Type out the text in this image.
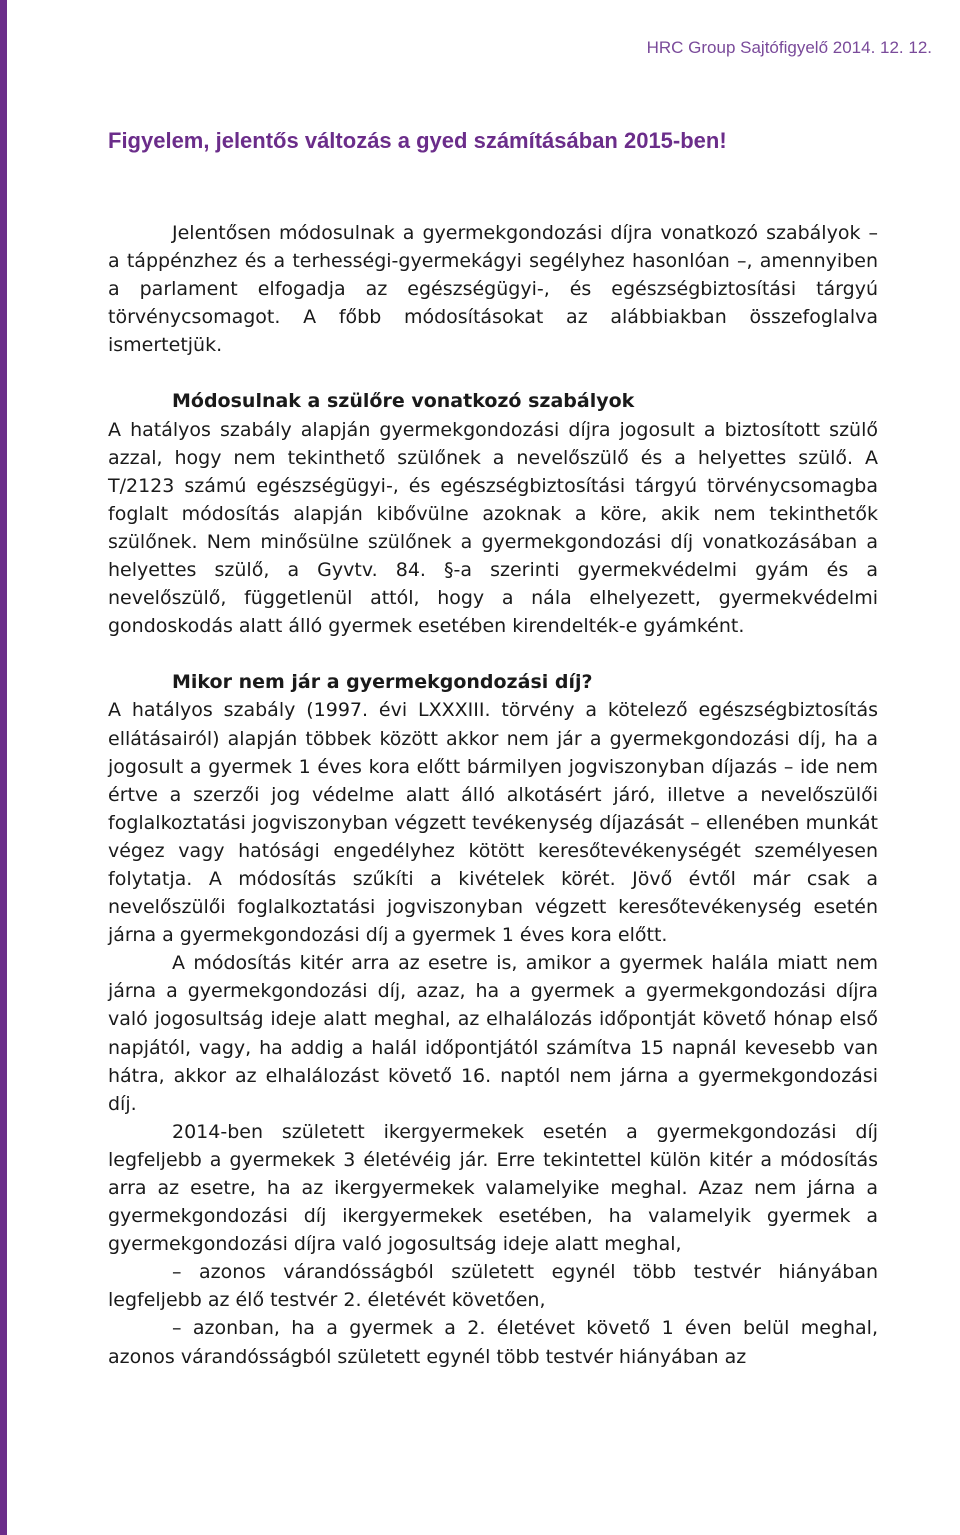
HRC Group Sajtófigyelő 2014. 12. 12.
Figyelem, jelentős változás a gyed számításában 2015-ben!

Jelentősen módosulnak a gyermekgondozási díjra vonatkozó szabályok – a táppénzhez és a terhességi-gyermekágyi segélyhez hasonlóan –, amennyiben a parlament elfogadja az egészségügyi-, és egészségbiztosítási tárgyú törvénycsomagot. A főbb módosításokat az alábbiakban összefoglalva ismertetjük.

Módosulnak a szülőre vonatkozó szabályok

A hatályos szabály alapján gyermekgondozási díjra jogosult a biztosított szülő azzal, hogy nem tekinthető szülőnek a nevelőszülő és a helyettes szülő. A T/2123 számú egészségügyi-, és egészségbiztosítási tárgyú törvénycsomagba foglalt módosítás alapján kibővülne azoknak a köre, akik nem tekinthetők szülőnek. Nem minősülne szülőnek a gyermekgondozási díj vonatkozásában a helyettes szülő, a Gyvtv. 84. §-a szerinti gyermekvédelmi gyám és a nevelőszülő, függetlenül attól, hogy a nála elhelyezett, gyermekvédelmi gondoskodás alatt álló gyermek esetében kirendelték-e gyámként.

Mikor nem jár a gyermekgondozási díj?

A hatályos szabály (1997. évi LXXXIII. törvény a kötelező egészségbiztosítás ellátásairól) alapján többek között akkor nem jár a gyermekgondozási díj, ha a jogosult a gyermek 1 éves kora előtt bármilyen jogviszonyban díjazás – ide nem értve a szerzői jog védelme alatt álló alkotásért járó, illetve a nevelőszülői foglalkoztatási jogviszonyban végzett tevékenység díjazását – ellenében munkát végez vagy hatósági engedélyhez kötött keresőtevékenységét személyesen folytatja. A módosítás szűkíti a kivételek körét. Jövő évtől már csak a nevelőszülői foglalkoztatási jogviszonyban végzett keresőtevékenység esetén járna a gyermekgondozási díj a gyermek 1 éves kora előtt.

A módosítás kitér arra az esetre is, amikor a gyermek halála miatt nem járna a gyermekgondozási díj, azaz, ha a gyermek a gyermekgondozási díjra való jogosultság ideje alatt meghal, az elhalálozás időpontját követő hónap első napjától, vagy, ha addig a halál időpontjától számítva 15 napnál kevesebb van hátra, akkor az elhalálozást követő 16. naptól nem járna a gyermekgondozási díj.

2014-ben született ikergyermekek esetén a gyermekgondozási díj legfeljebb a gyermekek 3 életévéig jár. Erre tekintettel külön kitér a módosítás arra az esetre, ha az ikergyermekek valamelyike meghal. Azaz nem járna a gyermekgondozási díj ikergyermekek esetében, ha valamelyik gyermek a gyermekgondozási díjra való jogosultság ideje alatt meghal,

– azonos várandósságból született egynél több testvér hiányában legfeljebb az élő testvér 2. életévét követően,

– azonban, ha a gyermek a 2. életévet követő 1 éven belül meghal, azonos várandósságból született egynél több testvér hiányában az
